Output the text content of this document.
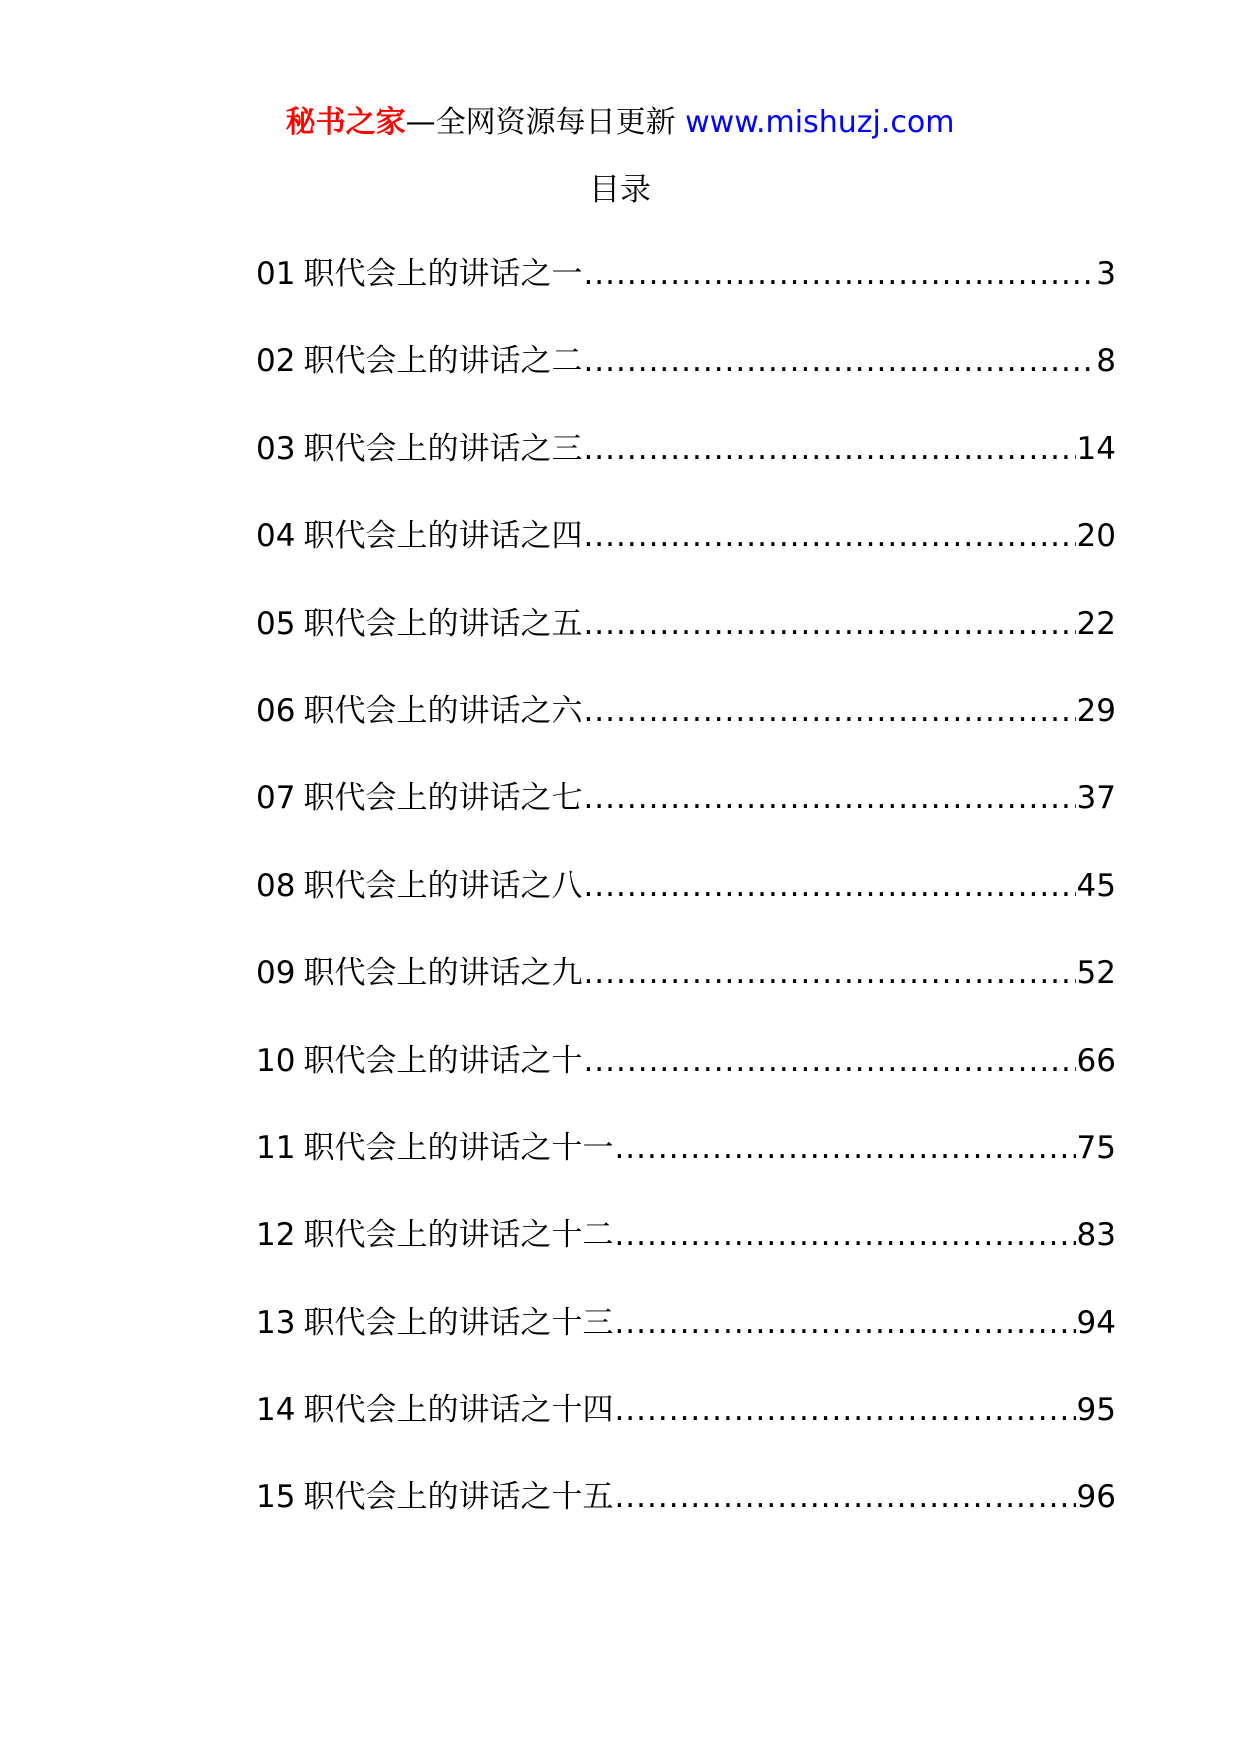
秘书之家—全网资源每日更新 www.mishuzj.com
目录
01 职代会上的讲话之一 .....	3
02 职代会上的讲话之二 .....	8
03 职代会上的讲话之三 .....	14
04 职代会上的讲话之四 .....	20
05 职代会上的讲话之五 .....	22
06 职代会上的讲话之六 .....	29
07 职代会上的讲话之七 .....	37
08 职代会上的讲话之八 .....	45
09 职代会上的讲话之九 .....	52
10 职代会上的讲话之十 .....	66
11 职代会上的讲话之十一 .....	75
12 职代会上的讲话之十二 .....	83
13 职代会上的讲话之十三 .....	94
14 职代会上的讲话之十四 .....	95
15 职代会上的讲话之十五 .....	96
